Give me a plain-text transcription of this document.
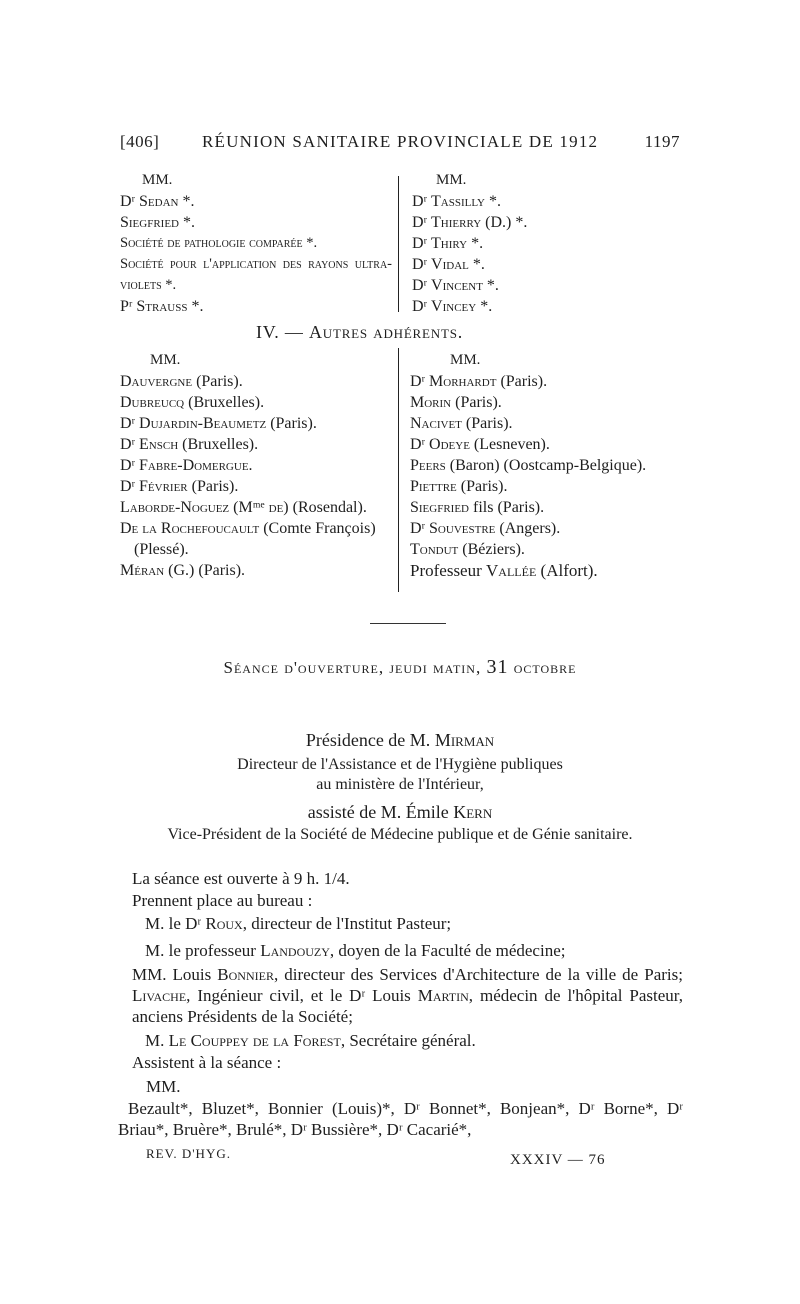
[406]	RÉUNION SANITAIRE PROVINCIALE DE 1912	1197
MM.
Dʳ Sedan *.
Siegfried *.
Société de pathologie comparée *.
Société pour l'application des rayons ultra-violets *.
Pʳ Strauss *.
MM.
Dʳ Tassilly *.
Dʳ Thierry (D.) *.
Dʳ Thiry *.
Dʳ Vidal *.
Dʳ Vincent *.
Dʳ Vincey *.
IV. — Autres adhérents.
MM.
Dauvergne (Paris).
Dubreucq (Bruxelles).
Dʳ Dujardin-Beaumetz (Paris).
Dʳ Ensch (Bruxelles).
Dʳ Fabre-Domergue.
Dʳ Février (Paris).
Laborde-Noguez (Mᵐᵉ de) (Rosendal).
De la Rochefoucault (Comte François) (Plessé).
Méran (G.) (Paris).
MM.
Dʳ Morhardt (Paris).
Morin (Paris).
Nacivet (Paris).
Dʳ Odeye (Lesneven).
Peers (Baron) (Oostcamp-Belgique).
Piettre (Paris).
Siegfried fils (Paris).
Dʳ Souvestre (Angers).
Tondut (Béziers).
Professeur Vallée (Alfort).
Séance d'ouverture, jeudi matin, 31 octobre
Présidence de M. Mirman
Directeur de l'Assistance et de l'Hygiène publiques
au ministère de l'Intérieur,
assisté de M. Émile Kern
Vice-Président de la Société de Médecine publique et de Génie sanitaire.
La séance est ouverte à 9 h. 1/4.
Prennent place au bureau :
M. le Dʳ Roux, directeur de l'Institut Pasteur;
M. le professeur Landouzy, doyen de la Faculté de médecine;
MM. Louis Bonnier, directeur des Services d'Architecture de la ville de Paris; Livache, Ingénieur civil, et le Dʳ Louis Martin, médecin de l'hôpital Pasteur, anciens Présidents de la Société;
M. Le Couppey de la Forest, Secrétaire général.
Assistent à la séance :
MM.
Bezault*, Bluzet*, Bonnier (Louis)*, Dʳ Bonnet*, Bonjean*, Dʳ Borne*, Dʳ Briau*, Bruère*, Brulé*, Dʳ Bussière*, Dʳ Cacarié*,
REV. D'HYG.	XXXIV — 76
